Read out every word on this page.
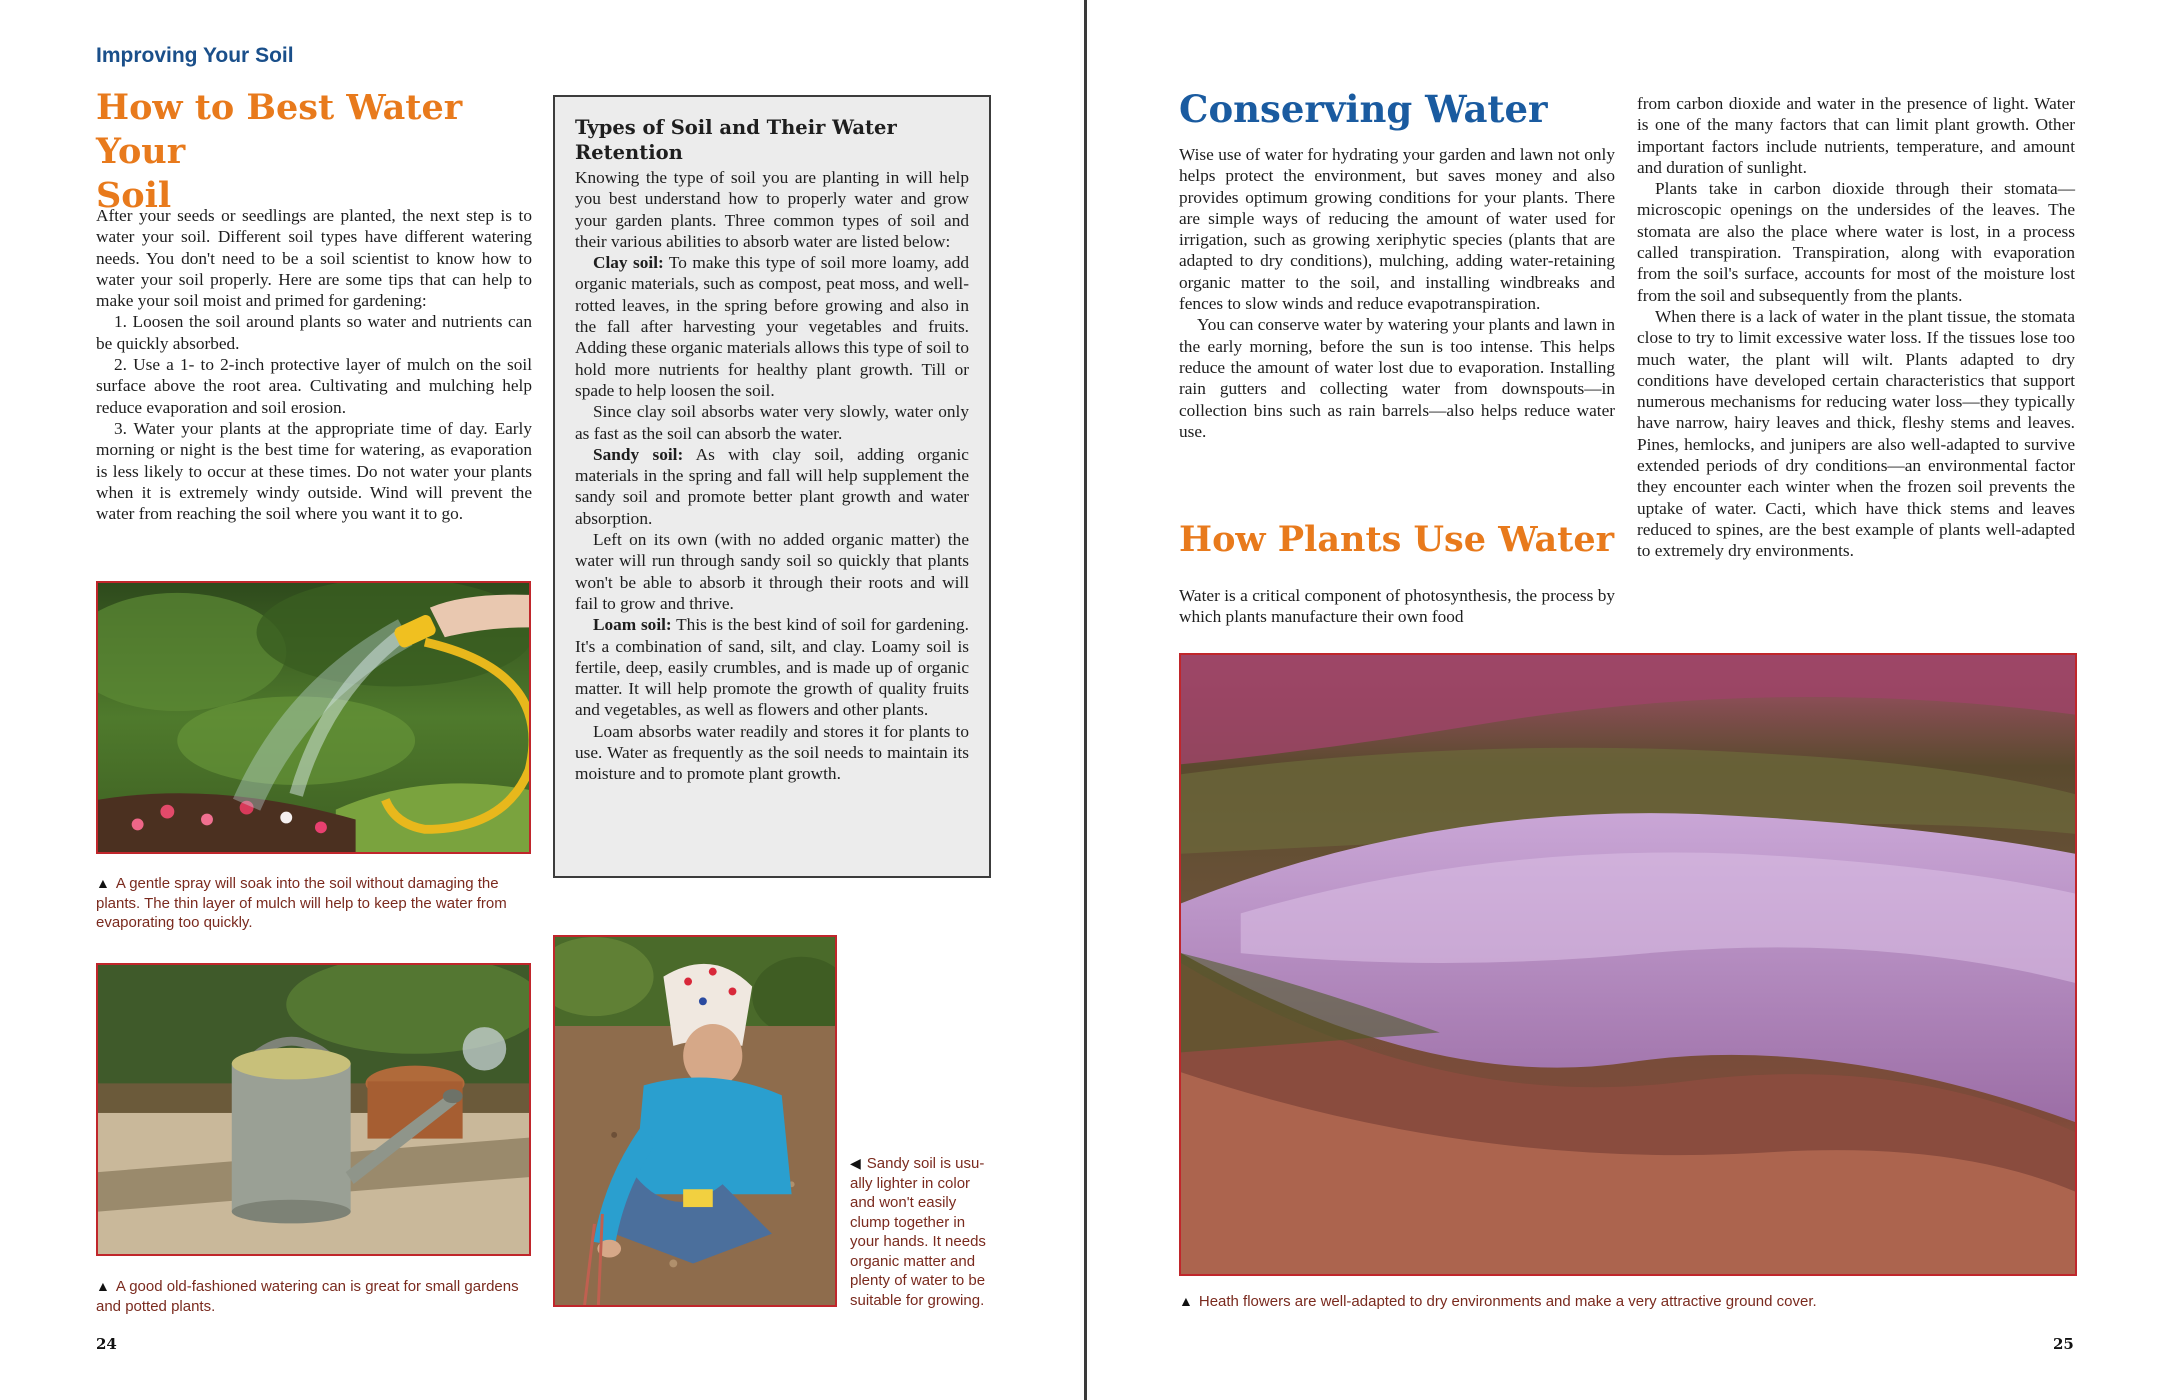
Improving Your Soil
How to Best Water Your
Soil

After your seeds or seedlings are planted, the next step is to water your soil. Different soil types have different watering needs. You don't need to be a soil scientist to know how to water your soil properly. Here are some tips that can help to make your soil moist and primed for gardening:

1. Loosen the soil around plants so water and nutrients can be quickly absorbed.

2. Use a 1- to 2-inch protective layer of mulch on the soil surface above the root area. Cultivating and mulching help reduce evaporation and soil erosion.

3. Water your plants at the appropriate time of day. Early morning or night is the best time for watering, as evaporation is less likely to occur at these times. Do not water your plants when it is extremely windy outside. Wind will prevent the water from reaching the soil where you want it to go.

Types of Soil and Their Water Retention

Knowing the type of soil you are planting in will help you best understand how to properly water and grow your garden plants. Three common types of soil and their various abilities to absorb water are listed below:

Clay soil: To make this type of soil more loamy, add organic materials, such as compost, peat moss, and well-rotted leaves, in the spring before growing and also in the fall after harvesting your vegetables and fruits. Adding these organic materials allows this type of soil to hold more nutrients for healthy plant growth. Till or spade to help loosen the soil.

Since clay soil absorbs water very slowly, water only as fast as the soil can absorb the water.

Sandy soil: As with clay soil, adding organic materials in the spring and fall will help supplement the sandy soil and promote better plant growth and water absorption.

Left on its own (with no added organic matter) the water will run through sandy soil so quickly that plants won't be able to absorb it through their roots and will fail to grow and thrive.

Loam soil: This is the best kind of soil for gardening. It's a combination of sand, silt, and clay. Loamy soil is fertile, deep, easily crumbles, and is made up of organic matter. It will help promote the growth of quality fruits and vegetables, as well as flowers and other plants.

Loam absorbs water readily and stores it for plants to use. Water as frequently as the soil needs to maintain its moisture and to promote plant growth.

▲ A gentle spray will soak into the soil without damaging the plants. The thin layer of mulch will help to keep the water from evaporating too quickly.
▲ A good old-fashioned watering can is great for small gardens and potted plants.
◀ Sandy soil is usu-
ally lighter in color
and won't easily
clump together in
your hands. It needs
organic matter and
plenty of water to be
suitable for growing.
24
Conserving Water

Wise use of water for hydrating your garden and lawn not only helps protect the environment, but saves money and also provides optimum growing conditions for your plants. There are simple ways of reducing the amount of water used for irrigation, such as growing xeriphytic species (plants that are adapted to dry conditions), mulching, adding water-retaining organic matter to the soil, and installing windbreaks and fences to slow winds and reduce evapotranspiration.

You can conserve water by watering your plants and lawn in the early morning, before the sun is too intense. This helps reduce the amount of water lost due to evaporation. Installing rain gutters and collecting water from downspouts—in collection bins such as rain barrels—also helps reduce water use.

How Plants Use Water

Water is a critical component of photosynthesis, the process by which plants manufacture their own food

from carbon dioxide and water in the presence of light. Water is one of the many factors that can limit plant growth. Other important factors include nutrients, temperature, and amount and duration of sunlight.

Plants take in carbon dioxide through their stomata—microscopic openings on the undersides of the leaves. The stomata are also the place where water is lost, in a process called transpiration. Transpiration, along with evaporation from the soil's surface, accounts for most of the moisture lost from the soil and subsequently from the plants.

When there is a lack of water in the plant tissue, the stomata close to try to limit excessive water loss. If the tissues lose too much water, the plant will wilt. Plants adapted to dry conditions have developed certain characteristics that support numerous mechanisms for reducing water loss—they typically have narrow, hairy leaves and thick, fleshy stems and leaves. Pines, hemlocks, and junipers are also well-adapted to survive extended periods of dry conditions—an environmental factor they encounter each winter when the frozen soil prevents the uptake of water. Cacti, which have thick stems and leaves reduced to spines, are the best example of plants well-adapted to extremely dry environments.

▲ Heath flowers are well-adapted to dry environments and make a very attractive ground cover.
25
